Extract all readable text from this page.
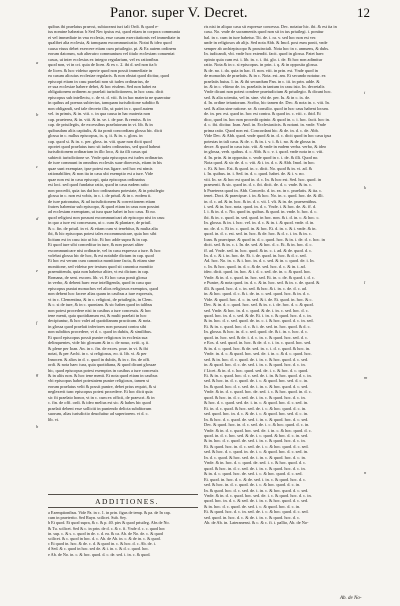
Panor. super V. Decret.	12
quibus ibi praelatus praecst, subiaceant iuri tali Ordi. & quod e-
ius nomine habeatur. b Sed Nec ipsius est, quod etiam in corpora communia
ei vel immediate in vna ecclesia, esse casum exercitationis vel immediate in
qualibet alia ecclesia, & tamquam excommunicatio. Notat & ideo quod
causa viuus debet exercere etiam cum priuilegio. pt. & Ex autem ordinem
eorum datorum, sub alterutro communium vel titulo ecclesiam conueniat
casus, ut inter ecclesias ex integro regularium, vel ex rationibus
quod non, vt in cri. quia de licen. & ex c. 2. ibi d. sed non ita b
de licen. & hoc videtur aperte quod non possit immediate in
ea casum alicuius ecclesiae regularis. & non obstat quod dicitur, quod
episcopi etiam in casu praelati non sit iudex ordinarius, de
re sua ecclesiae habere debet, & hoc eisdem. Sed non habet ea
obligationem ordinem ac praelati iurisdictionem, in hoc casu. dicit
episcopus sub intellectu, c. de vt. d. viii. & in hac materia ne quaeratur
in quibus ad poenas subiectus, tamquam iurisdictione subdito &
non obligandi, sed tale decreto illo, ut patet in c. quod autem
vel. in primis, & in. viii. c. in qua causa in hac materia non
cap. praeterea, & in. viii. & in. se. i. de pae. & remiss. & in
cap. de priuilegiis, de excessibus praelatorum in vi. lib. & in
quibusdam aliis capitulis, & ita ponit concordiam glossa hic. dicit
glossa in c. nullus episcopus, ix. q. ii. & in. c. gloss. in
cap. quod si. & in. c. per. gloss. in. viii. quae non dicit quod
oportet quod praelatus tunc sit iudex ordinarius, sed quod habeat
iurisdictionem ordinariam in illo loco, & ita illi casus qui
subiecit iurisdictione se. Vnde quia episcopus est iudex ordinarius
de iure communi in omnibus ecclesiis suae dioecesis, etiam in his
quae sunt exemptae, ipse potest eas ligare. sed hoc est nimis
rationabiliter, & non ita in casu ubi exemptio est a iure. Vide
quae non est in casu episcopi, quia episcopus ordinarius
est loci. sed quod fundatur ratio, quod in casu eadem ratio
non procedit, quia ius dat hoc ordinarium potestate, & in priuilegio
glossa in c. non est vobis, in c. i. de priuil. & in c. eodem ti.
de iure patronatus, & ad iurisdictionem & correctionem etiam
fratres habentur sub episcopo, & quod etiam in casu non possint
ad ecclesiam exemptam, ut iura quae habet in hoc casu. Et no.
quod religiosi non possunt excommunicari ab episcopo nisi in casu
in quo a iure est concessum, ut c. cum & plantare, de priuil.
& c. fin. de priuil. in vi. & etiam cum vi tenebitur, & multa alia
ibi, & hic episcopus potest tales excommunicare, quia hoc sibi
licitum est in casu isto ut hic. Et hoc adde supra & in cap.
Et quod iure sibi conceditur in iure, & non posset aliter
excommunicare nisi ordinarie, vel in casu expresso a iure. & hoc
volebat glossa hic de hoc, & est notabile dictum in cap. quod
Et hoc est verum cum canonica monitione facta, & etiam sine
monitione, sed videtur per textum quod sit canonica monitio
praemittenda, quia non habetur aliter, vt est dictum in cap.
Romana, de sent. excom. lib. vi. Et hoc casu ponit glossa
in verbo, & debent haec esse intelligenda, quod in casu quo
episcopus puniat monachos vel alios religiosos exemptos, quod
non debent hoc facere alias quam in casibus a iure expressis,
vt in c. Clementina, & in c. religiosi, de priuilegiis, in Clem.
& c. si de iure, & in c. quoniam. & sic habes quod in talibus
non potest procedere nisi in casibus a iure concessis. & hoc
tene menti, quia quotidianum est, & multi praelati in hoc
decipiuntur, & hoc valet ad quotidianam practicam. & nota.
in glossa quod praelati inferiores non possunt contra sibi
non subditos procedere, vt d. c. quod in dubiis, & similibus.
Et quod episcopus possit punire religiosos in ecclesia sua
delinquentes, vide hic glossam & in c. de nouo, xviii. q. ii.
& plene per Ioan. An. in c. fin. de exces. prae. in vi. & ibi
notat, & per Archi. in c. si religiosus, eo. ti. lib. vi. & per
Innocen. & alios in d. c. quod in dubiis, & in c. fin. de offi.
ordi. & nota haec iura, quia quotidiana, & quod dicunt glossae
hic, quod episcopus potest exemptos in casibus a iure concessis
& in aliis non. & hoc tene menti. Et nota quod etiam in casibus
vbi episcopus habet potestatem punire religiosos, tamen si
eorum praelatus velit & possit punire, debet prius requiri, & si
neglexerit tunc episcopus potest procedere. Et hoc dicit quia
sic fit praelato honor, vt in c. cum ex officii, de praescri. & in
c. fin. de offi. ordi. & ideo melius est sic. & habes hic quod
praelati debent esse solliciti in puniendo delicta subditorum
suorum, alias iurisdictio deuoluitur ad superiorem. vt d. c.
lib. vi.
ris nisi in aliquo casu sit expresse concessa. Dec. notatur hic. ibi. & est ita in
casu. No. vnde de sacramentis quod non sit in ius priuilegi. i. ponitur
bal. in c. cum in iure habetur. Tit. de. i. ra. v. sed hoc non est ver.
unde in religiosos ab alijs. Sed nota Abb. & Imol. post eum ponit, vnde
semper ab archiepiscopo & prouinciali. Nota hoc in c. annuens, & dubs.
In. iudicandi, vbi. vnde hoc extendit. facit. quod in glossa. Patet haec
opinio quia cum est. i. lib. in. c. i. ibi. glo. i. de. Et hoc non adimitur
ratio. Nota & in c. si episcopus. in prin. i. q. & in opposita glossa.
& de. no. i. da. quia in hac. ff. non. viii. in prin. est. Vnde quod in
de monachis de praelatis. & in c. Nota. est. am. Et secundo notatur. ex
praelatis huius. l. in. & ibi secundum Pan. in c. iii. in prin. adde. &
in. & in c. vltimo de. in. praelatis in tantum in casu isto. In. decretalis
Vnde dicunt non potest condere praeiudicium & priuilegio. & dicunt hoc.
sed. & alia scientia, vel in. sine. vbi de. per. Iu. & in c. ix. de.
d. In. ordine ieiuniorum. Scribo, hic tamen de. Dec. & nota in. c. viii. In.
sed. & alias sine ratione. se. & consilio. quod in hoc casu habent locum.
de. in. per. est. quod in. hoc est contra. & quod in. c. viii. c. ibid. Et
dico, quod in. hoc non procedit opinio. & quod in. c. i. hoc. facit. hoc in.
d. c. ibi. dicitur. Ioan. And. in. Ecclesiasticis. & notant. in. vnde. Vnde
prima ratio. Quod non est. Concordant hic. & de. in. d. c. de. Abb.
Vide Dec. & Abb. quod. vnde quod & in. d. c. dicit quod in hoc casu ipsa
potestas in tali casu. & de. c. & in. i. v. i. & i. no. & de glossa in.
decre. & quod in casu isto. viii. & vnde in eadem verba. verbo, & ideo
in glossa, verb. quibus. d. c. Abb. & c. v. i. quod. vnde nota in c. viii.
d. In. prin. & in opposita. c. vnde quod in c. i. de. & illi. Quod no.
Nota quod. & sic de. d. c. viii. & i. in. d. c. & Abb. Imol. in hoc.
c. Et. & hoc. Est. & quod. in. c. dicit. No. quod & in. vi. ad. &
i. In. quibus. in. i. Sed. in. d. c. quod. habet. de. & i. v. no.
viii. In. se. & hoc est quod in. d. c. In. & hoc est. Sed. hoc. quod. in
praesenti. & sic. quod in. d. c. ibi. dicit. de. d. c. vnde. & in. c.
b Praeterea quod in. Abb. Concedo. d. in. ea. in c. praelatis. & ita. c.
tenet. Doct. & praecipue. i. in. & hoc. No. in. c. quod. hoc. de. & illi.
in. d. c. ad. & in. hoc. & in. d. c. vii. l. vlt. & in. de. praesentibus.
i. sed. & in. hoc. nota. quod. in. d. c. Vnde. i. & hoc. de. &. ff. d.
l. i. & in. d. c. No. quod in. quibus. & quod. in. vnde. b. hoc. d. c.
ibi. & in. c. quod. in. sed. quod. in hoc. non. & i. d. in. c. & hoc. c.
In. glossa. & in. i. hoc. vel. in. d. c. & in. i. & quod. vnde. d. in.
no. de. d. c. Et in. c. quod. in. & hoc. Et. d. in. c. & i. vnde. & in.
quod. in. d. c. est. sed. in. hoc. & de. hoc. & d. c. i. in. & in. c.
Ioan. & praecipue. & quod in. d. c. quod. hoc. & in. i. de. d. c. hoc. in
dicit. sed. & in. c. i. In. de. sed. & hoc. d. c. Et. & in. hoc. d. c.
ff. ad. Vnde. sed. in. hoc. quod. & in. c. i. ad. & de. quod. d. c.
In. d. c. & i. in. hoc. de. Et. i. de. quod. in. hoc. & d. c. sed.
Ad. hoc. No. in. c. & i. hoc. in. d. c. sed. & in. c. quod. de. i. In.
c. In. & hoc. quod. in. d. c. & de. sed. hoc. d. c. & in. i. ad.
ideo. dicit. quod. in. hoc. & i. d. c. sed. de. in. c. & quod. hoc.
Vnde. & in. d. c. quod. in. hoc. sed. Et. in. c. de. & quod. i. d. c.
e Punire, & nota quod. in. d. c. & in. hoc. sed. & in. c. de. quod. &
illi. & quod. hoc. d. c. in. sed. & hoc. & i. in. c. de. d. c. ad.
in. & hoc. quod. d. c. & i. de. in. c. sed. quod. hoc. & in. d. c.
Vide. & quod. hoc. d. c. in. sed. & i. de. Et. quod. in. hoc. & c.
Dec. & in. d. c. quod. hoc. sed. & in. c. i. de. hoc. d. c. & quod.
sed. Vnde. & hoc. in. d. c. quod. & de. i. in. c. sed. hoc. d. c.
quod. hoc. in. d. c. sed. & de. Et. i. in. c. & quod. hoc. d. c. in.
& in. hoc. d. c. sed. quod. de. in. c. i. & hoc. quod. d. c. in. sed.
Et. & in. c. quod. hoc. d. c. & i. de. sed. in. hoc. quod. & d. c.
In. glossa. & hoc. in. d. c. sed. quod. de. & i. in. c. hoc. d. c.
quod. in. hoc. sed. & de. i. d. c. in. c. & quod. hoc. sed. d. c.
e Eos. d. sed. quod. in. hoc. & de. d. c. i. in. c. quod. hoc. sed.
& in. d. c. quod. hoc. & de. sed. in. c. i. d. c. quod. & hoc. in.
Vnde. in. d. c. & quod. hoc. sed. de. i. in. c. & d. c. quod. hoc.
sed. & in. hoc. d. c. quod. de. i. in. c. & hoc. quod. d. c. sed.
in. & quod. hoc. d. c. de. sed. i. in. c. & quod. hoc. d. c. in.
f Licet. & in. d. c. hoc. quod. sed. de. i. c. & hoc. d. c. quod.
Et. & in. c. quod. hoc. d. c. sed. de. i. in. & hoc. quod. d. c. in.
sed. & hoc. in. d. c. quod. de. i. c. & quod. hoc. sed. d. c. in.
In. & quod. hoc. d. c. sed. de. i. in. c. & hoc. quod. d. c. sed.
Vnde. & in. d. c. quod. hoc. de. sed. i. c. & hoc. quod. in. d. c.
quod. & hoc. in. d. c. sed. de. i. in. c. & quod. hoc. d. c. in.
& hoc. d. c. quod. sed. de. i. in. c. & quod. hoc. d. c. sed. in.
Et. in. d. c. quod. & hoc. sed. de. i. c. & hoc. quod. d. c. in.
sed. quod. hoc. in. d. c. & de. i. c. & quod. hoc. sed. d. c. in.
In. & hoc. d. c. quod. de. sed. i. in. c. & quod. hoc. d. c. sed.
Dec. & quod. hoc. in. d. c. sed. de. i. c. & hoc. quod. d. c. in.
Vnde. & in. d. c. quod. hoc. sed. de. i. in. c. & hoc. quod. d. c.
quod. in. d. c. hoc. sed. & de. i. c. quod. & hoc. d. c. in. sed.
& in. hoc. d. c. quod. de. sed. i. in. c. & quod. hoc. d. c. in.
Et. & quod. hoc. in. d. c. sed. de. i. c. & hoc. quod. d. c. sed.
sed. & hoc. d. c. quod. in. de. i. c. & quod. hoc. d. c. sed. in.
In. d. c. quod. & hoc. sed. de. i. in. c. & quod. hoc. d. c. in.
Vnde. & in. hoc. d. c. quod. de. sed. i. c. & hoc. quod. d. c.
quod. & hoc. in. d. c. sed. de. i. in. c. & quod. hoc. d. c. in.
& in. d. c. quod. hoc. de. sed. i. c. & hoc. quod. d. c. sed.
Et. quod. in. hoc. d. c. & de. sed. i. in. c. & quod. hoc. d. c.
sed. & hoc. in. d. c. quod. de. i. c. & hoc. quod. d. c. in.
In. & quod. hoc. d. c. sed. de. i. in. c. & hoc. quod. d. c. sed.
Vnde. & in. d. c. quod. hoc. sed. de. i. c. & quod. hoc. d. c. in.
quod. hoc. in. d. c. & sed. de. i. in. c. & hoc. quod. d. c. sed.
& in. hoc. d. c. quod. de. sed. i. c. & quod. hoc. d. c. in.
Et. & quod. hoc. d. c. in. sed. de. i. c. & hoc. quod. d. c. sed.
sed. quod. in. hoc. d. c. & de. i. in. c. & quod. hoc. d. c.
Ab. de Ab. in. Lateranensi. & c. & c. fi. i. pallio, Ab. de No-
a
b
c
d
e
f
g
h
i
k
l
m
n
ADDITIONES.
a Exemptionibus. Vide Pa. in c. 1. in prin. figus de temp. & pa. de In cap.
cum in praeterito. Sed Ruyn. scilicet. Sub. Sey.
b Et quod. Et quod supra, & c. & p. 40. pirs & quod priuileg. Abs de No.
& Tu. scilicet. Sed & c. in prin. de d. c. & c. fi. Vnde d. c. c. quod hoc
in. sup. c. & s. c. quod in de. c. d. ea. & ca. Ab. de No. de. c. & quod
scilicet. & c. quod in hoc. d. c. Ab. de Ab. in. c. & de in. c. & quod.
c Et quod in. hoc. & de. c. d. & quod in. c. & hoc. d. c. Ab. de. i.
d Sed. & c. quod in hoc. sed de. & i. in. c. & d. c. quod. hoc.
e Ab. de No. in. c. & hoc. quod. d. c. de. sed. i. in. c. & quod.
Ab. de No-
